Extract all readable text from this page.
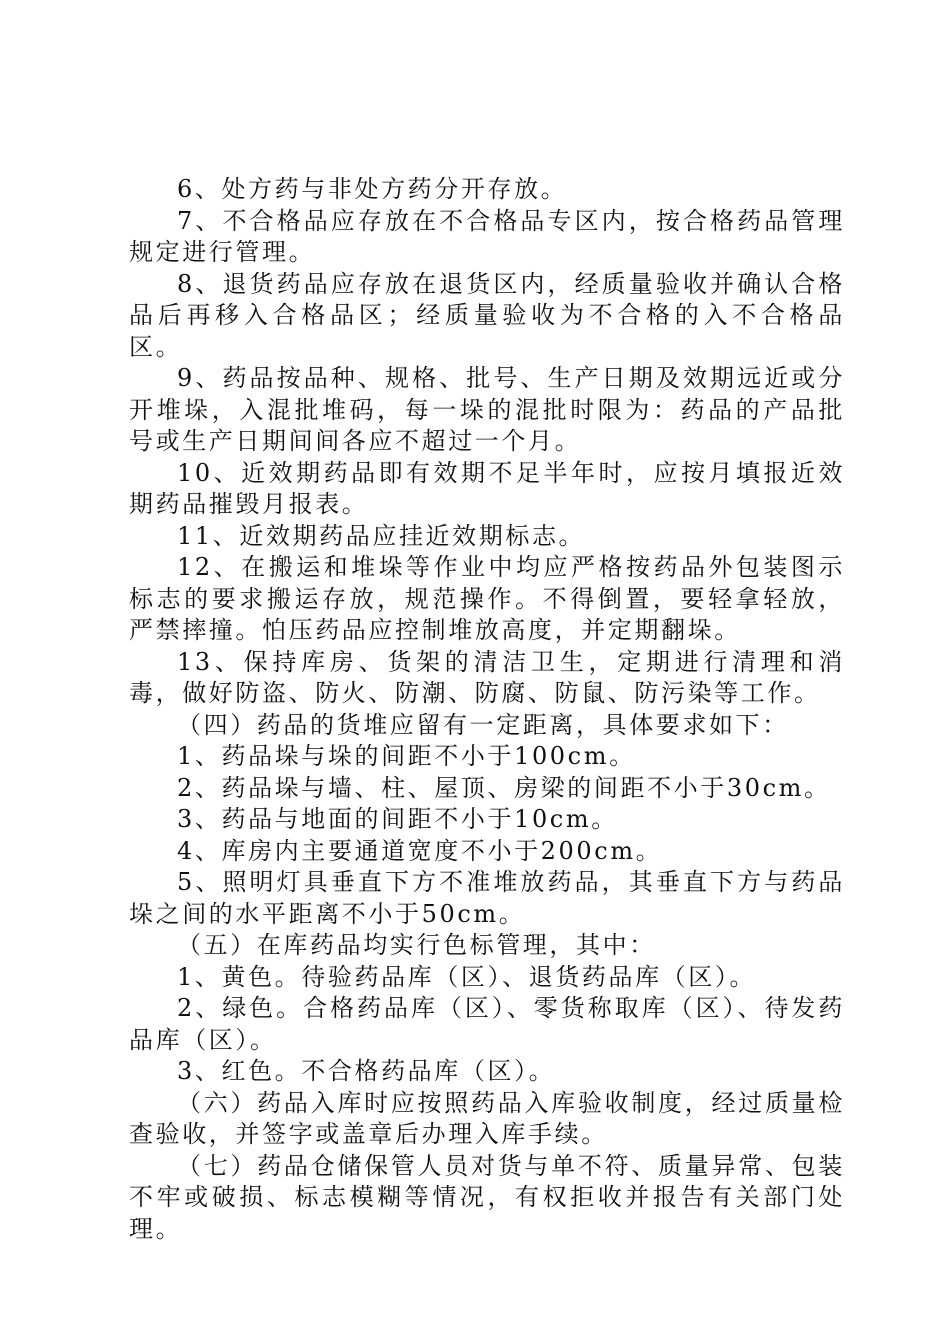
6、处方药与非处方药分开存放。

7、不合格品应存放在不合格品专区内，按合格药品管理规定进行管理。

8、退货药品应存放在退货区内，经质量验收并确认合格品后再移入合格品区；经质量验收为不合格的入不合格品区。

9、药品按品种、规格、批号、生产日期及效期远近或分开堆垛，入混批堆码，每一垛的混批时限为：药品的产品批号或生产日期间间各应不超过一个月。

10、近效期药品即有效期不足半年时，应按月填报近效期药品摧毁月报表。

11、近效期药品应挂近效期标志。

12、在搬运和堆垛等作业中均应严格按药品外包装图示标志的要求搬运存放，规范操作。不得倒置，要轻拿轻放，严禁摔撞。怕压药品应控制堆放高度，并定期翻垛。

13、保持库房、货架的清洁卫生，定期进行清理和消毒，做好防盗、防火、防潮、防腐、防鼠、防污染等工作。

（四）药品的货堆应留有一定距离，具体要求如下：

1、药品垛与垛的间距不小于100cm。

2、药品垛与墙、柱、屋顶、房梁的间距不小于30cm。

3、药品与地面的间距不小于10cm。

4、库房内主要通道宽度不小于200cm。

5、照明灯具垂直下方不准堆放药品，其垂直下方与药品垛之间的水平距离不小于50cm。

（五）在库药品均实行色标管理，其中：

1、黄色。待验药品库（区）、退货药品库（区）。

2、绿色。合格药品库（区）、零货称取库（区）、待发药品库（区）。

3、红色。不合格药品库（区）。

（六）药品入库时应按照药品入库验收制度，经过质量检查验收，并签字或盖章后办理入库手续。

（七）药品仓储保管人员对货与单不符、质量异常、包装不牢或破损、标志模糊等情况，有权拒收并报告有关部门处理。
